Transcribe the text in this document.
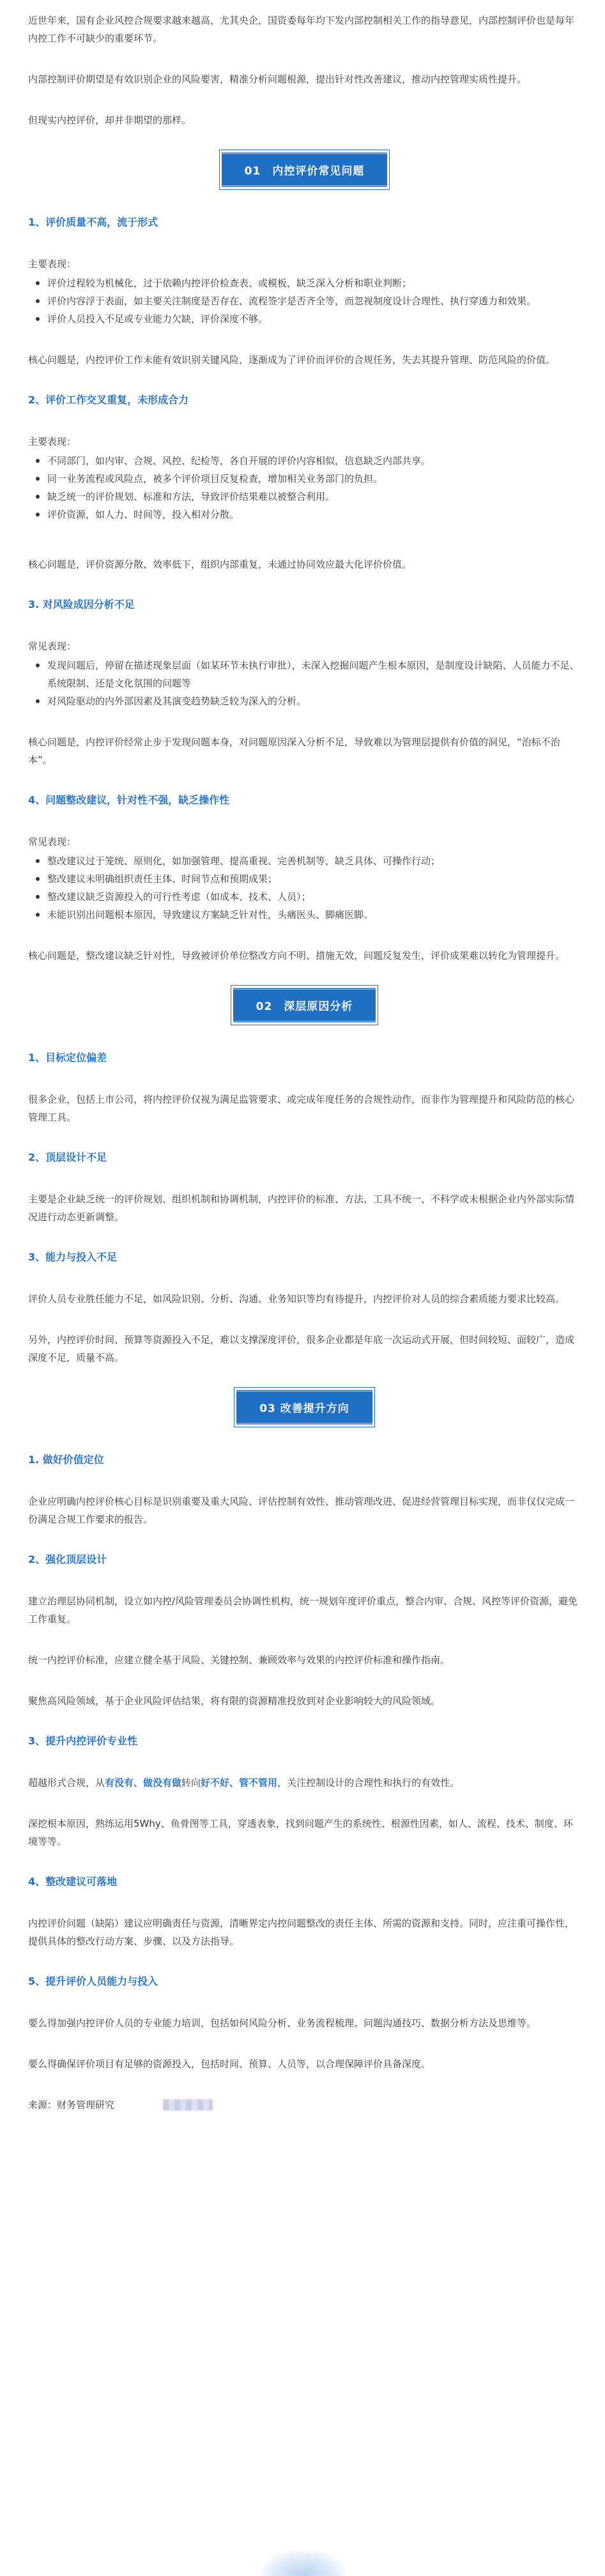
近世年来，国有企业风控合规要求越来越高，尤其央企，国资委每年均下发内部控制相关工作的指导意见，内部控制评价也是每年内控工作不可缺少的重要环节。

内部控制评价期望是有效识别企业的风险要害，精准分析问题根源，提出针对性改善建议，推动内控管理实质性提升。

但现实内控评价，却并非期望的那样。

01　内控评价常见问题
1、评价质量不高，流于形式
主要表现：
评价过程较为机械化，过于依赖内控评价检查表、或模板，缺乏深入分析和职业判断；
评价内容浮于表面，如主要关注制度是否存在、流程签字是否齐全等，而忽视制度设计合理性、执行穿透力和效果。
评价人员投入不足或专业能力欠缺，评价深度不够。

核心问题是，内控评价工作未能有效识别关键风险，逐渐成为了评价而评价的合规任务，失去其提升管理、防范风险的价值。

2、评价工作交叉重复，未形成合力
主要表现：
不同部门，如内审、合规、风控、纪检等，各自开展的评价内容相似，信息缺乏内部共享。
同一业务流程或风险点，被多个评价项目反复检查，增加相关业务部门的负担。
缺乏统一的评价规划、标准和方法，导致评价结果难以被整合利用。
评价资源，如人力、时间等，投入相对分散。

核心问题是，评价资源分散、效率低下，组织内部重复，未通过协同效应最大化评价价值。

3. 对风险成因分析不足
常见表现：
发现问题后，停留在描述现象层面（如某环节未执行审批），未深入挖掘问题产生根本原因，是制度设计缺陷、人员能力不足、系统限制、还是文化氛围的问题等
对风险驱动的内外部因素及其演变趋势缺乏较为深入的分析。

核心问题是，内控评价经常止步于发现问题本身，对问题原因深入分析不足，导致难以为管理层提供有价值的洞见，“治标不治本”。

4、问题整改建议，针对性不强，缺乏操作性
常见表现：
整改建议过于笼统、原则化，如加强管理、提高重视、完善机制等，缺乏具体、可操作行动；
整改建议未明确组织责任主体、时间节点和预期成果；
整改建议缺乏资源投入的可行性考虑（如成本、技术、人员）；
未能识别出问题根本原因，导致建议方案缺乏针对性，头痛医头、脚痛医脚。

核心问题是，整改建议缺乏针对性，导致被评价单位整改方向不明、措施无效，问题反复发生，评价成果难以转化为管理提升。

02　深层原因分析
1、目标定位偏差

很多企业，包括上市公司，将内控评价仅视为满足监管要求、或完成年度任务的合规性动作，而非作为管理提升和风险防范的核心管理工具。

2、顶层设计不足

主要是企业缺乏统一的评价规划、组织机制和协调机制，内控评价的标准、方法、工具不统一、不科学或未根据企业内外部实际情况进行动态更新调整。

3、能力与投入不足

评价人员专业胜任能力不足，如风险识别、分析、沟通、业务知识等均有待提升，内控评价对人员的综合素质能力要求比较高。

另外，内控评价时间、预算等资源投入不足，难以支撑深度评价，很多企业都是年底一次运动式开展，但时间较短、面较广，造成深度不足，质量不高。

03 改善提升方向
1. 做好价值定位

企业应明确内控评价核心目标是识别重要及重大风险、评估控制有效性、推动管理改进、促进经营管理目标实现，而非仅仅完成一份满足合规工作要求的报告。

2、强化顶层设计

建立治理层协同机制，设立如内控/风险管理委员会协调性机构，统一规划年度评价重点，整合内审、合规、风控等评价资源，避免工作重复。

统一内控评价标准，应建立健全基于风险、关键控制、兼顾效率与效果的内控评价标准和操作指南。

聚焦高风险领域，基于企业风险评估结果，将有限的资源精准投放到对企业影响较大的风险领域。

3、提升内控评价专业性

超越形式合规，从有没有、做没有做转向好不好、管不管用，关注控制设计的合理性和执行的有效性。

深挖根本原因，熟练运用5Why、鱼骨图等工具，穿透表象，找到问题产生的系统性、根源性因素，如人、流程、技术、制度、环境等等。

4、整改建议可落地

内控评价问题（缺陷）建议应明确责任与资源，清晰界定内控问题整改的责任主体、所需的资源和支持。同时，应注重可操作性，提供具体的整改行动方案、步骤、以及方法指导。

5、提升评价人员能力与投入

要么得加强内控评价人员的专业能力培训，包括如何风险分析、业务流程梳理、问题沟通技巧、数据分析方法及思维等。

要么得确保评价项目有足够的资源投入，包括时间、预算、人员等，以合理保障评价具备深度。

来源：财务管理研究
